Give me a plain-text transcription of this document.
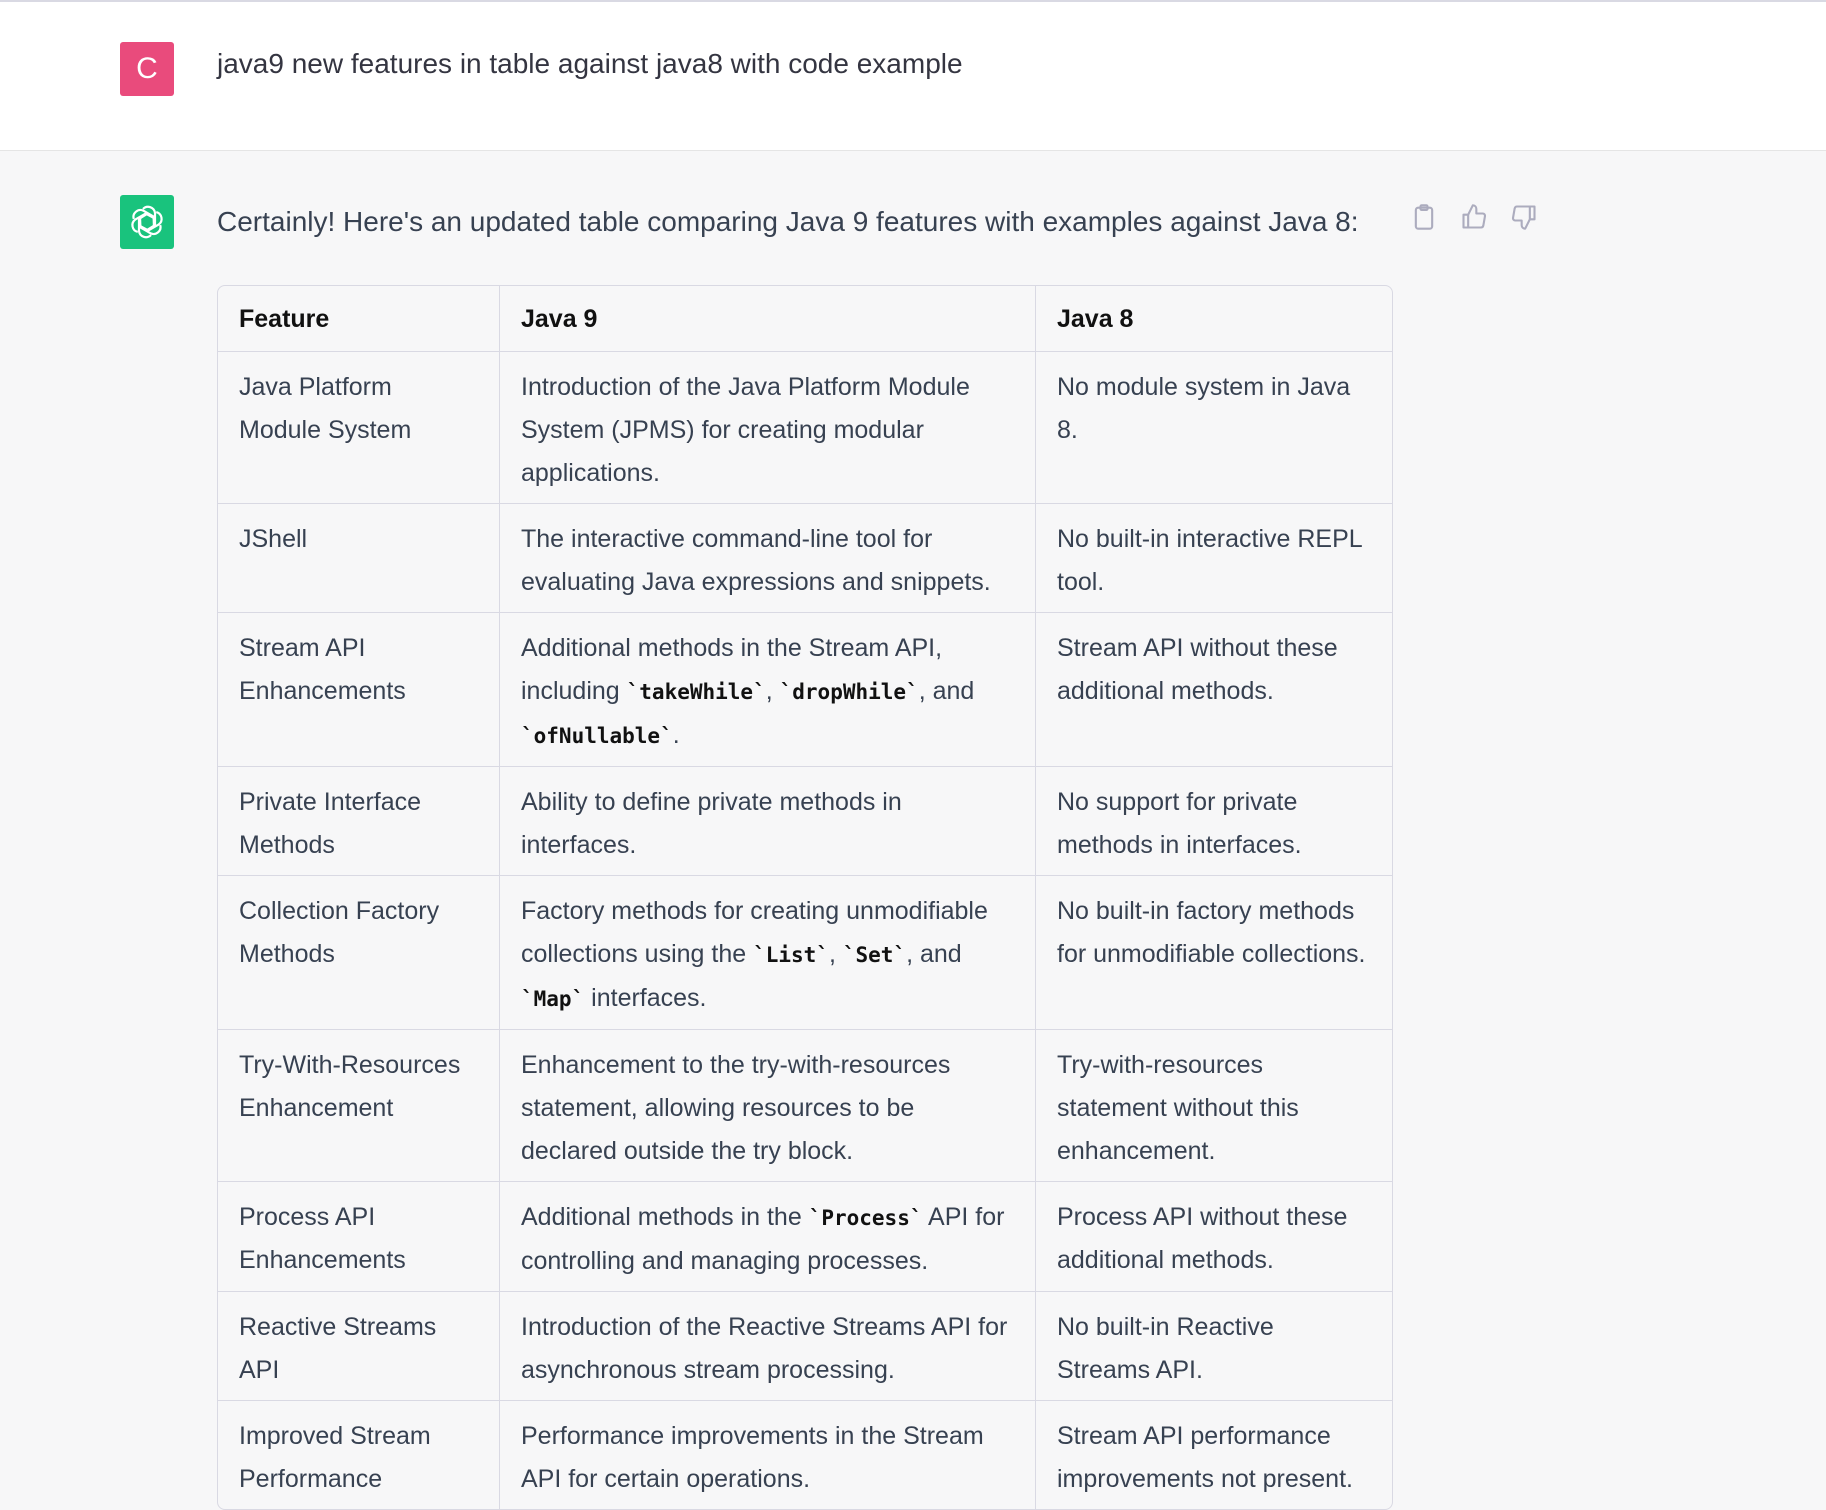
C	java9 new features in table against java8 with code example
Certainly! Here's an updated table comparing Java 9 features with examples against Java 8:
Feature	Java 9	Java 8
Java Platform Module System	Introduction of the Java Platform Module System (JPMS) for creating modular applications.	No module system in Java 8.
JShell	The interactive command-line tool for evaluating Java expressions and snippets.	No built-in interactive REPL tool.
Stream API Enhancements	Additional methods in the Stream API, including `takeWhile`, `dropWhile`, and `ofNullable`.	Stream API without these additional methods.
Private Interface Methods	Ability to define private methods in interfaces.	No support for private methods in interfaces.
Collection Factory Methods	Factory methods for creating unmodifiable collections using the `List`, `Set`, and `Map` interfaces.	No built-in factory methods for unmodifiable collections.
Try-With-Resources Enhancement	Enhancement to the try-with-resources statement, allowing resources to be declared outside the try block.	Try-with-resources statement without this enhancement.
Process API Enhancements	Additional methods in the `Process` API for controlling and managing processes.	Process API without these additional methods.
Reactive Streams API	Introduction of the Reactive Streams API for asynchronous stream processing.	No built-in Reactive Streams API.
Improved Stream Performance	Performance improvements in the Stream API for certain operations.	Stream API performance improvements not present.
